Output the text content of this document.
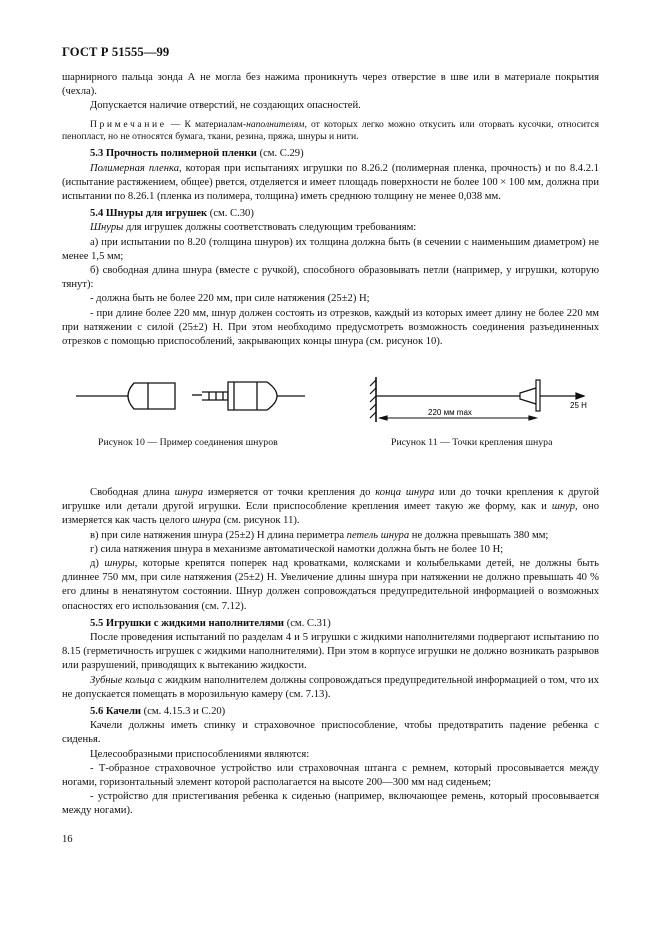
ГОСТ Р 51555—99

шарнирного пальца зонда А не могла без нажима проникнуть через отверстие в шве или в материале покрытия (чехла).

Допускается наличие отверстий, не создающих опасностей.

Примечание — К материалам-наполнителям, от которых легко можно откусить или оторвать кусочки, относится пенопласт, но не относятся бумага, ткани, резина, пряжа, шнуры и нити.

5.3 Прочность полимерной пленки (см. С.29)

Полимерная пленка, которая при испытаниях игрушки по 8.26.2 (полимерная пленка, прочность) и по 8.4.2.1 (испытание растяжением, общее) рвется, отделяется и имеет площадь поверхности не более 100 × 100 мм, должна при испытании по 8.26.1 (пленка из полимера, толщина) иметь среднюю толщину не менее 0,038 мм.

5.4 Шнуры для игрушек (см. С.30)

Шнуры для игрушек должны соответствовать следующим требованиям:

а) при испытании по 8.20 (толщина шнуров) их толщина должна быть (в сечении с наименьшим диаметром) не менее 1,5 мм;

б) свободная длина шнура (вместе с ручкой), способного образовывать петли (например, у игрушки, которую тянут):

- должна быть не более 220 мм, при силе натяжения (25±2) Н;

- при длине более 220 мм, шнур должен состоять из отрезков, каждый из которых имеет длину не более 220 мм при натяжении с силой (25±2) Н. При этом необходимо предусмотреть возможность соединения разъединенных отрезков с помощью приспособлений, закрывающих концы шнура (см. рисунок 10).

220 мм max
25 Н
Рисунок 10 — Пример соединения шнуров	Рисунок 11 — Точки крепления шнура

Свободная длина шнура измеряется от точки крепления до конца шнура или до точки крепления к другой игрушке или детали другой игрушки. Если приспособление крепления имеет такую же форму, как и шнур, оно измеряется как часть целого шнура (см. рисунок 11).

в) при силе натяжения шнура (25±2) Н длина периметра петель шнура не должна превышать 380 мм;

г) сила натяжения шнура в механизме автоматической намотки должна быть не более 10 Н;

д) шнуры, которые крепятся поперек над кроватками, колясками и колыбельками детей, не должны быть длиннее 750 мм, при силе натяжения (25±2) Н. Увеличение длины шнура при натяжении не должно превышать 40 % его длины в ненатянутом состоянии. Шнур должен сопровождаться предупредительной информацией о возможных опасностях его использования (см. 7.12).

5.5 Игрушки с жидкими наполнителями (см. С.31)

После проведения испытаний по разделам 4 и 5 игрушки с жидкими наполнителями подвергают испытанию по 8.15 (герметичность игрушек с жидкими наполнителями). При этом в корпусе игрушки не должно возникать разрывов или разрушений, приводящих к вытеканию жидкости.

Зубные кольца с жидким наполнителем должны сопровождаться предупредительной информацией о том, что их не допускается помещать в морозильную камеру (см. 7.13).

5.6 Качели (см. 4.15.3 и С.20)

Качели должны иметь спинку и страховочное приспособление, чтобы предотвратить падение ребенка с сиденья.

Целесообразными приспособлениями являются:

- Т-образное страховочное устройство или страховочная штанга с ремнем, который просовывается между ногами, горизонтальный элемент которой располагается на высоте 200—300 мм над сиденьем;

- устройство для пристегивания ребенка к сиденью (например, включающее ремень, который просовывается между ногами).

16
